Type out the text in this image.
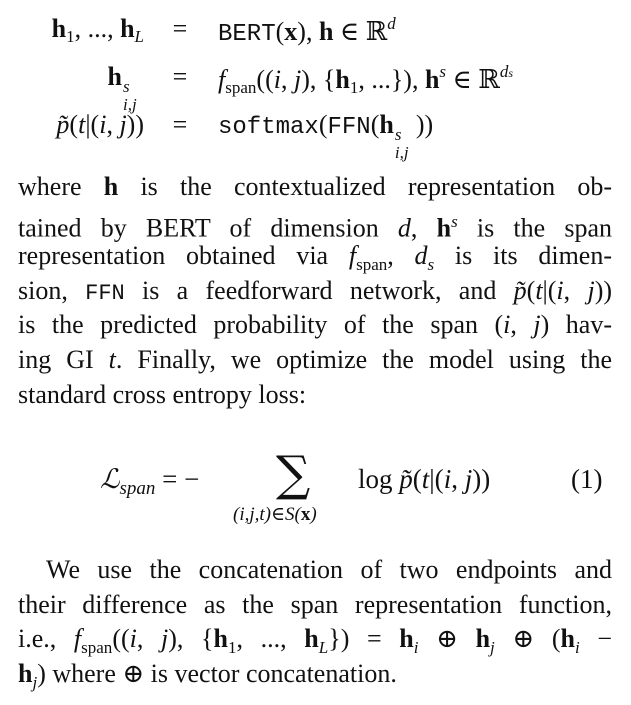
$h_1$, ..., $h_L$ =	BERT(x), h ∈ ℝ$^d$
h s
i,j
= $f_{span}((i$, j), {$h_1$, ...}), $h^s$ ∈ ℝ$^{ds}$
p̃(t|(i, j)) =	softmax(FFN(h s
i,j
))
where h is the contextualized representation ob-
tained by BERT of dimension d, $h^s$ is the span
representation obtained via $f_{span}$, $d_s$ is its dimen-
sion, FFN is a feedforward network, and p̃(t|(i, j))
is the predicted probability of the span (i, j) hav-
ing GI t. Finally, we optimize the model using the
standard cross entropy loss:
ℒ$_{span}$ = − ∑
(i,j,t)∈S(x)
log p̃(t|(i, j))	(1)
We use the concatenation of two endpoints and
their difference as the span representation function,
i.e., $f_{span}((i$, j), {$h_1$, ..., $h_L\}) = h_i$ ⊕ $h_j$ ⊕ ($h_i$ −
$h_j$) where ⊕ is vector concatenation.
